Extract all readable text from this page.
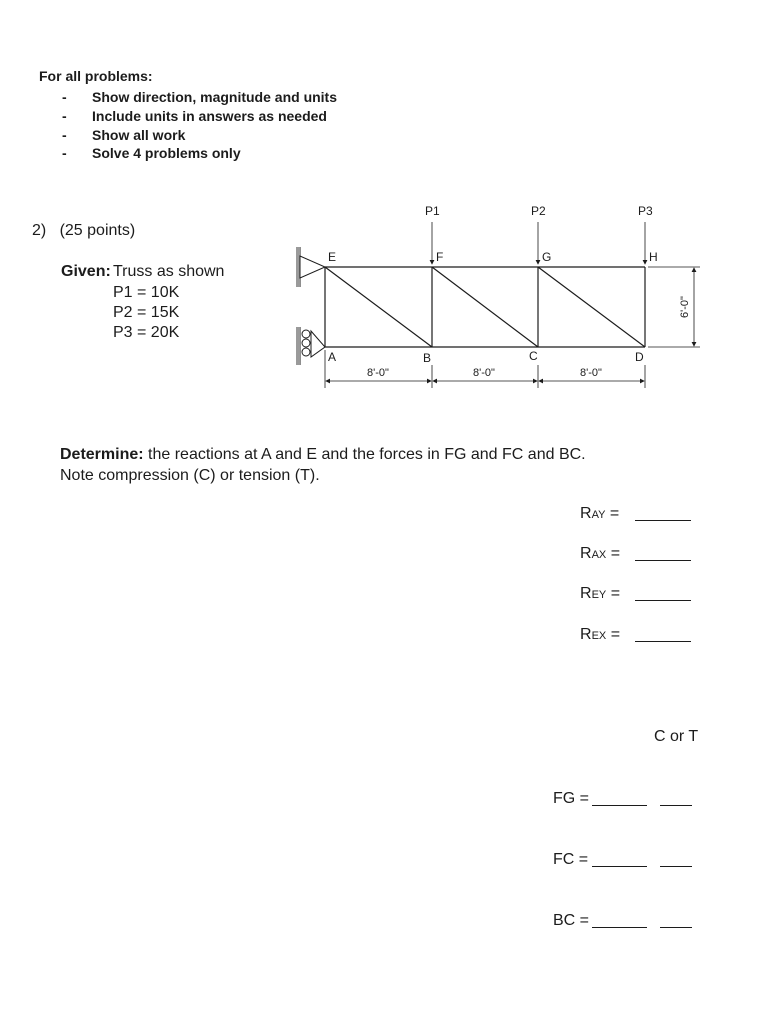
For all problems:
- Show direction, magnitude and units
- Include units in answers as needed
- Show all work
- Solve 4 problems only
2) (25 points)
Given: Truss as shown
P1 = 10K
P2 = 15K
P3 = 20K
P1	P2	P3
E	F	G	H
A	B	C	D
8'-0"	8'-0"	8'-0"
6'-0"
Determine: the reactions at A and E and the forces in FG and FC and BC.
Note compression (C) or tension (T).
RAY =
RAX =
REY =
REX =
C or T
FG =
FC =
BC =
